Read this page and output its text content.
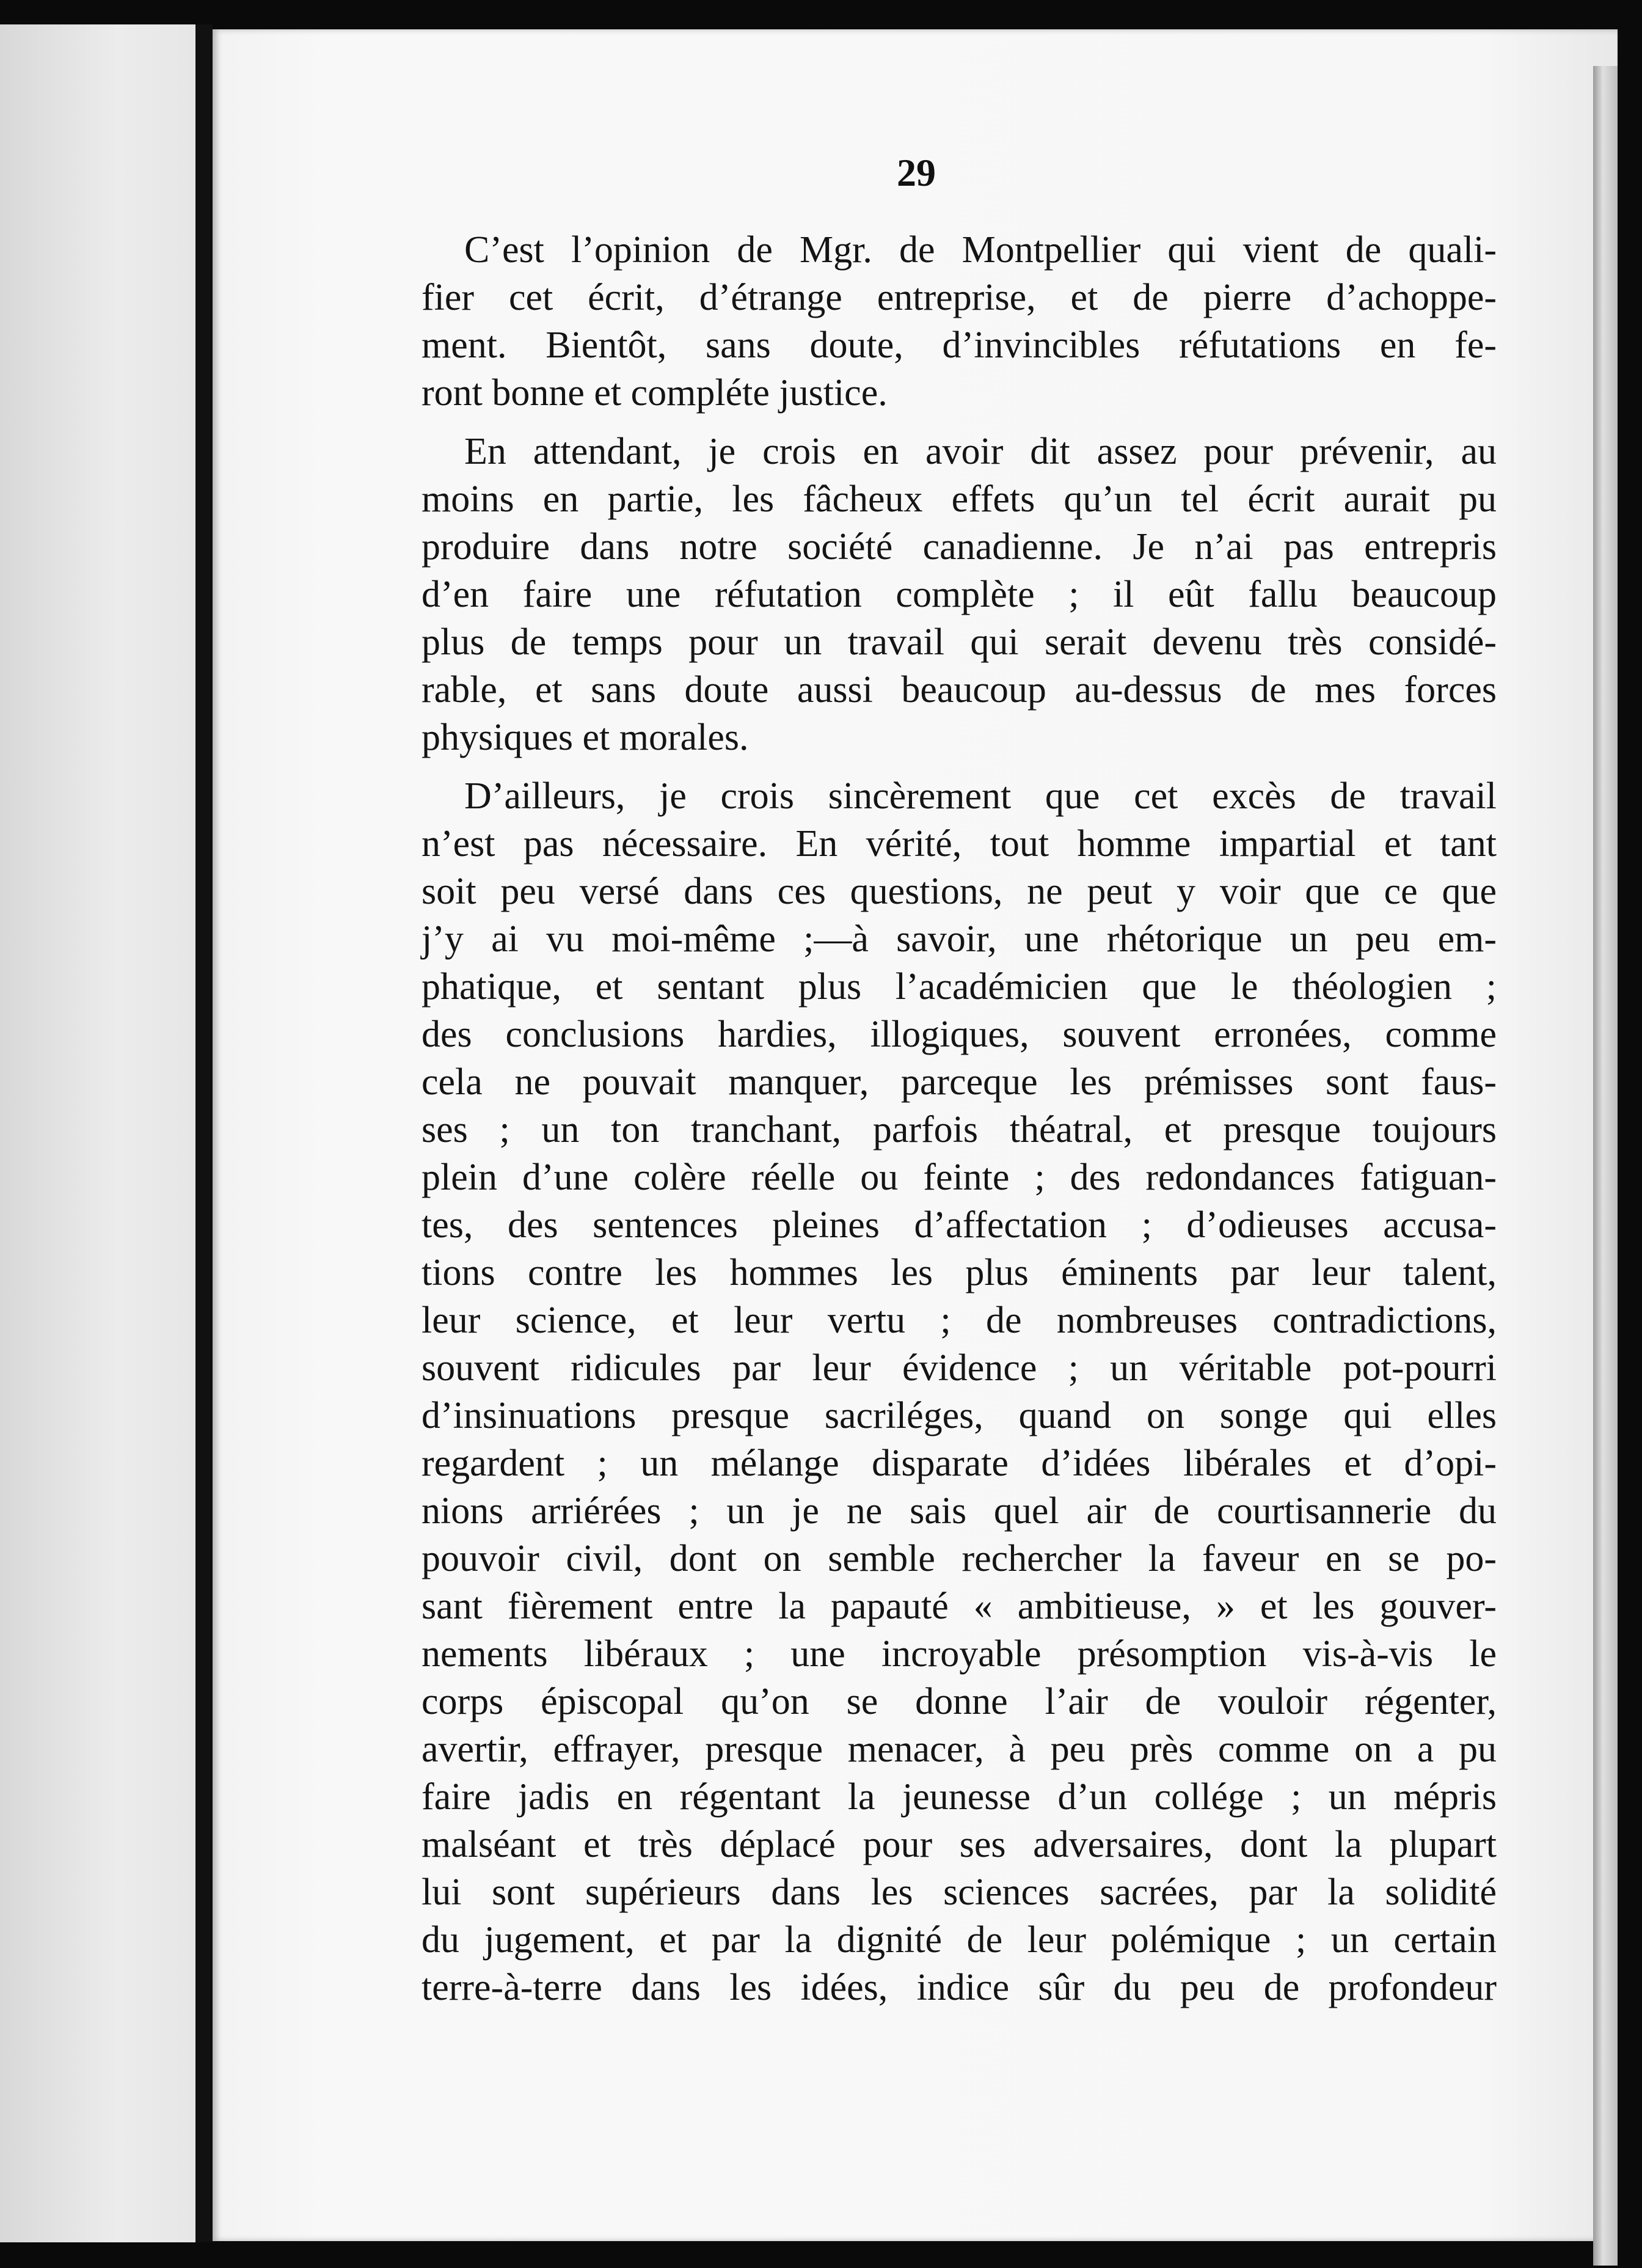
29

C’est l’opinion de Mgr. de Montpellier qui vient de quali-
fier cet écrit, d’étrange entreprise, et de pierre d’achoppe-
ment. Bientôt, sans doute, d’invincibles réfutations en fe-
ront bonne et compléte justice.

En attendant, je crois en avoir dit assez pour prévenir, au
moins en partie, les fâcheux effets qu’un tel écrit aurait pu
produire dans notre société canadienne. Je n’ai pas entrepris
d’en faire une réfutation complète ; il eût fallu beaucoup
plus de temps pour un travail qui serait devenu très considé-
rable, et sans doute aussi beaucoup au-dessus de mes forces
physiques et morales.

D’ailleurs, je crois sincèrement que cet excès de travail
n’est pas nécessaire. En vérité, tout homme impartial et tant
soit peu versé dans ces questions, ne peut y voir que ce que
j’y ai vu moi-même ;—à savoir, une rhétorique un peu em-
phatique, et sentant plus l’académicien que le théologien ;
des conclusions hardies, illogiques, souvent erronées, comme
cela ne pouvait manquer, parceque les prémisses sont faus-
ses ; un ton tranchant, parfois théatral, et presque toujours
plein d’une colère réelle ou feinte ; des redondances fatiguan-
tes, des sentences pleines d’affectation ; d’odieuses accusa-
tions contre les hommes les plus éminents par leur talent,
leur science, et leur vertu ; de nombreuses contradictions,
souvent ridicules par leur évidence ; un véritable pot-pourri
d’insinuations presque sacriléges, quand on songe qui elles
regardent ; un mélange disparate d’idées libérales et d’opi-
nions arriérées ; un je ne sais quel air de courtisannerie du
pouvoir civil, dont on semble rechercher la faveur en se po-
sant fièrement entre la papauté « ambitieuse, » et les gouver-
nements libéraux ; une incroyable présomption vis-à-vis le
corps épiscopal qu’on se donne l’air de vouloir régenter,
avertir, effrayer, presque menacer, à peu près comme on a pu
faire jadis en régentant la jeunesse d’un collége ; un mépris
malséant et très déplacé pour ses adversaires, dont la plupart
lui sont supérieurs dans les sciences sacrées, par la solidité
du jugement, et par la dignité de leur polémique ; un certain
terre-à-terre dans les idées, indice sûr du peu de profondeur
